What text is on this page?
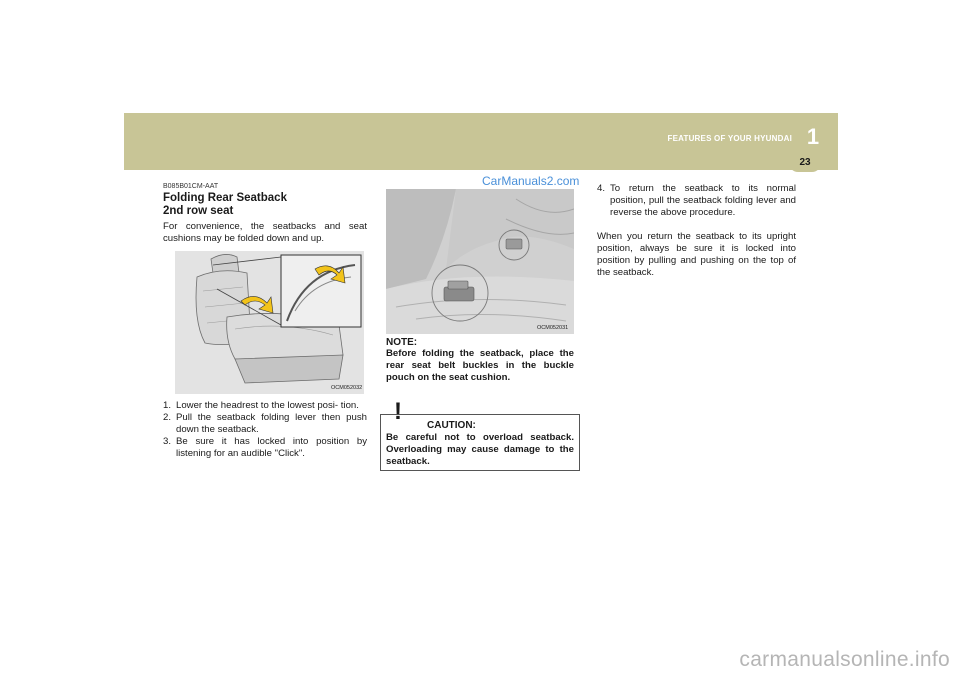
1
FEATURES OF YOUR HYUNDAI
23
CarManuals2.com
B085B01CM-AAT
Folding Rear Seatback
2nd row seat
For convenience, the seatbacks and seat cushions may be folded down and up.
OCM052032
1. Lower the headrest to the lowest posi- tion.
2. Pull the seatback folding lever then push down the seatback.
3. Be sure it has locked into position by listening for an audible "Click".
OCM052031
NOTE:
Before folding the seatback, place the rear seat belt buckles in the buckle pouch on the seat cushion.
!
CAUTION:
Be careful not to overload seatback. Overloading may cause damage to the seatback.
4. To return the seatback to its normal position, pull the seatback folding lever and reverse the above procedure.
When you return the seatback to its upright position, always be sure it is locked into position by pulling and pushing on the top of the seatback.
carmanualsonline.info
